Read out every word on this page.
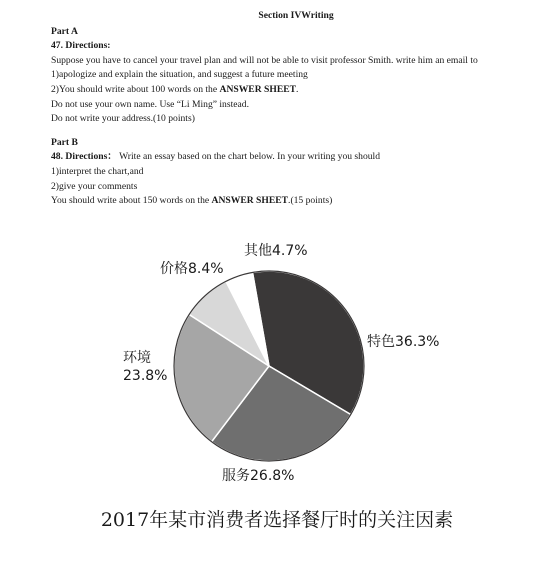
Section IVWriting

Part A

47. Directions:

Suppose you have to cancel your travel plan and will not be able to visit professor Smith. write him an email to

1)apologize and explain the situation, and suggest a future meeting

2)You should write about 100 words on the ANSWER SHEET.

Do not use your own name. Use “Li Ming” instead.

Do not write your address.(10 points)

Part B

48. Directions： Write an essay based on the chart below. In your writing you should

1)interpret the chart,and

2)give your comments

You should write about 150 words on the ANSWER SHEET.(15 points)

特色36.3%
服务26.8%
环境
23.8%
价格8.4%
其他4.7%
2017年某市消费者选择餐厅时的关注因素
